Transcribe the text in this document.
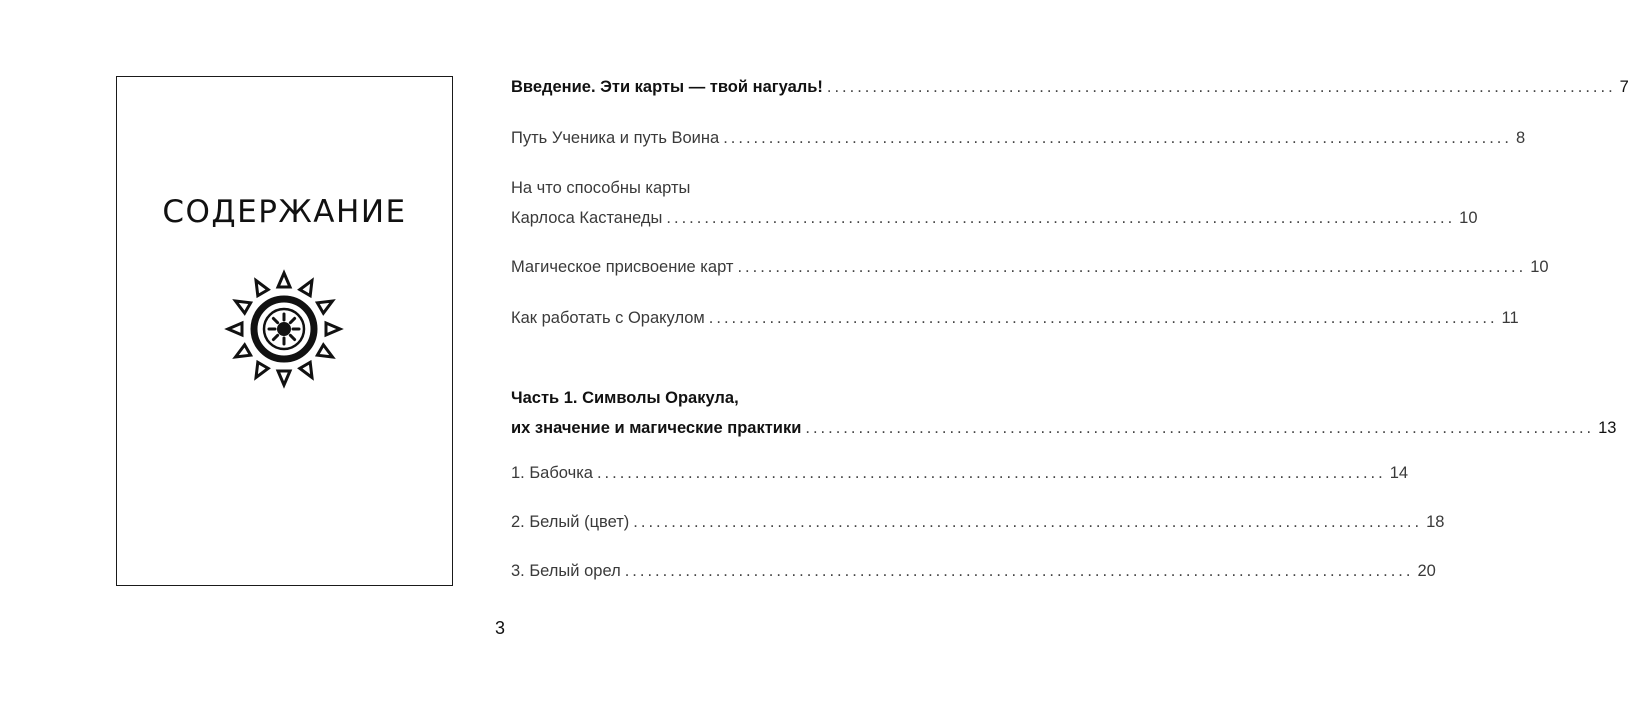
СОДЕРЖАНИЕ
Введение. Эти карты — твой нагуаль! ........................................................................................................ 7
Путь Ученика и путь Воина ........................................................................................................ 8
На что способны карты
Карлоса Кастанеды ........................................................................................................ 10
Магическое присвоение карт ........................................................................................................ 10
Как работать с Оракулом ........................................................................................................ 11
Часть 1. Символы Оракула,
их значение и магические практики ........................................................................................................ 13
1. Бабочка ........................................................................................................ 14
2. Белый (цвет) ........................................................................................................ 18
3. Белый орел ........................................................................................................ 20
3
